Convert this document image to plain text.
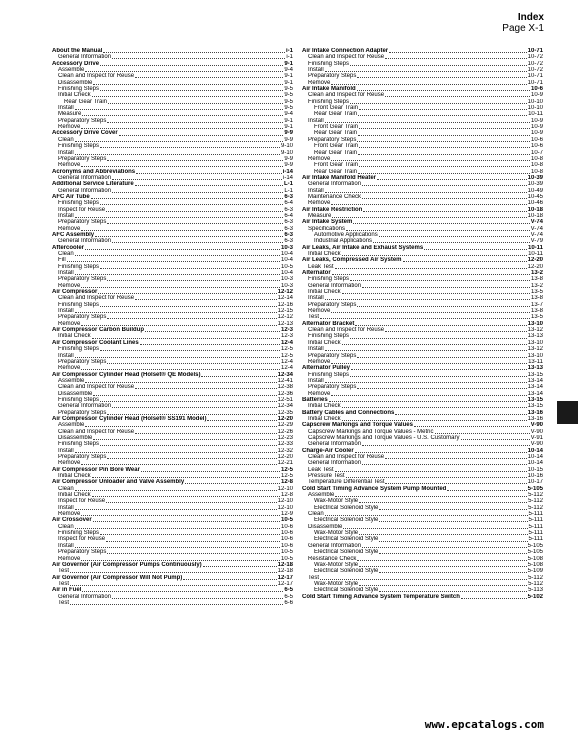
Index
Page X-1
About the Manual	i-1
General Information	i-1
Accessory Drive	9-1
Assemble	9-4
Clean and Inspect for Reuse	9-1
Disassemble	9-1
Finishing Steps	9-5
Initial Check	9-5
Rear Gear Train	9-5
Install	9-5
Measure	9-4
Preparatory Steps	9-1
Remove	9-1
Accessory Drive Cover	9-9
Clean	9-9
Finishing Steps	9-10
Install	9-10
Preparatory Steps	9-9
Remove	9-9
Acronyms and Abbreviations	i-14
General Information	i-14
Additional Service Literature	L-1
General Information	L-1
AFC Air Tube	6-3
Finishing Steps	6-4
Inspect for Reuse	6-3
Install	6-4
Preparatory Steps	6-3
Remove	6-3
AFC Assembly	6-3
General Information	6-3
Aftercooler	10-3
Clean	10-4
Fill	10-4
Finishing Steps	10-5
Install	10-4
Preparatory Steps	10-3
Remove	10-3
Air Compressor	12-12
Clean and Inspect for Reuse	12-14
Finishing Steps	12-16
Install	12-15
Preparatory Steps	12-12
Remove	12-13
Air Compressor Carbon Buildup	12-3
Initial Check	12-3
Air Compressor Coolant Lines	12-4
Finishing Steps	12-5
Install	12-5
Preparatory Steps	12-4
Remove	12-4
Air Compressor Cylinder Head (Holset® QE Models)	12-34
Assemble	12-41
Clean and Inspect for Reuse	12-38
Disassemble	12-36
Finishing Steps	12-51
General Information	12-34
Preparatory Steps	12-35
Air Compressor Cylinder Head (Holset® SS191 Model)	12-20
Assemble	12-29
Clean and Inspect for Reuse	12-26
Disassemble	12-23
Finishing Steps	12-33
Install	12-32
Preparatory Steps	12-20
Remove	12-21
Air Compressor Pin Bore Wear	12-5
Initial Check	12-5
Air Compressor Unloader and Valve Assembly	12-8
Clean	12-10
Initial Check	12-8
Inspect for Reuse	12-10
Install	12-10
Remove	12-9
Air Crossover	10-5
Clean	10-6
Finishing Steps	10-6
Inspect for Reuse	10-6
Install	10-6
Preparatory Steps	10-5
Remove	10-5
Air Governor (Air Compressor Pumps Continuously)	12-18
Test	12-18
Air Governor (Air Compressor Will Not Pump)	12-17
Test	12-17
Air in Fuel	6-5
General Information	6-5
Test	6-6
Air Intake Connection Adapter	10-71
Clean and Inspect for Reuse	10-72
Finishing Steps	10-72
Install	10-72
Preparatory Steps	10-71
Remove	10-71
Air Intake Manifold	10-6
Clean and Inspect for Reuse	10-9
Finishing Steps	10-10
Front Gear Train	10-10
Rear Gear Train	10-11
Install	10-9
Front Gear Train	10-9
Rear Gear Train	10-9
Preparatory Steps	10-6
Front Gear Train	10-6
Rear Gear Train	10-7
Remove	10-8
Front Gear Train	10-8
Rear Gear Train	10-8
Air Intake Manifold Heater	10-39
General Information	10-39
Install	10-49
Maintenance Check	10-45
Remove	10-46
Air Intake Restriction	10-18
Measure	10-18
Air Intake System	V-74
Specifications	V-74
Automotive Applications	V-74
Industrial Applications	V-79
Air Leaks, Air Intake and Exhaust Systems	10-11
Initial Check	10-11
Air Leaks, Compressed Air System	12-20
Leak Test	12-20
Alternator	13-2
Finishing Steps	13-8
General Information	13-2
Initial Check	13-5
Install	13-8
Preparatory Steps	13-7
Remove	13-8
Test	13-5
Alternator Bracket	13-10
Clean and Inspect for Reuse	13-12
Finishing Steps	13-13
Initial Check	13-10
Install	13-12
Preparatory Steps	13-10
Remove	13-11
Alternator Pulley	13-13
Finishing Steps	13-15
Install	13-14
Preparatory Steps	13-14
Remove	13-14
Batteries	13-15
Initial Check	13-15
Battery Cables and Connections	13-16
Initial Check	13-16
Capscrew Markings and Torque Values	V-90
Capscrew Markings and Torque Values - Metric	V-90
Capscrew Markings and Torque Values - U.S. Customary	V-91
General Information	V-90
Charge-Air Cooler	10-14
Clean and Inspect for Reuse	10-14
General Information	10-14
Leak Test	10-15
Pressure Test	10-16
Temperature Differential Test	10-17
Cold Start Timing Advance System Pump Mounted	5-105
Assemble	5-112
Wax-Motor Style	5-112
Electrical Solenoid Style	5-112
Clean	5-111
Electrical Solenoid Style	5-111
Disassemble	5-111
Wax-Motor Style	5-111
Electrical Solenoid Style	5-111
General Information	5-105
Electrical Solenoid Style	5-105
Resistance Check	5-108
Wax-Motor Style	5-108
Electrical Solenoid Style	5-109
Test	5-112
Wax-Motor Style	5-112
Electrical Solenoid Style	5-113
Cold Start Timing Advance System Temperature Switch	5-102
www.epcatalogs.com
